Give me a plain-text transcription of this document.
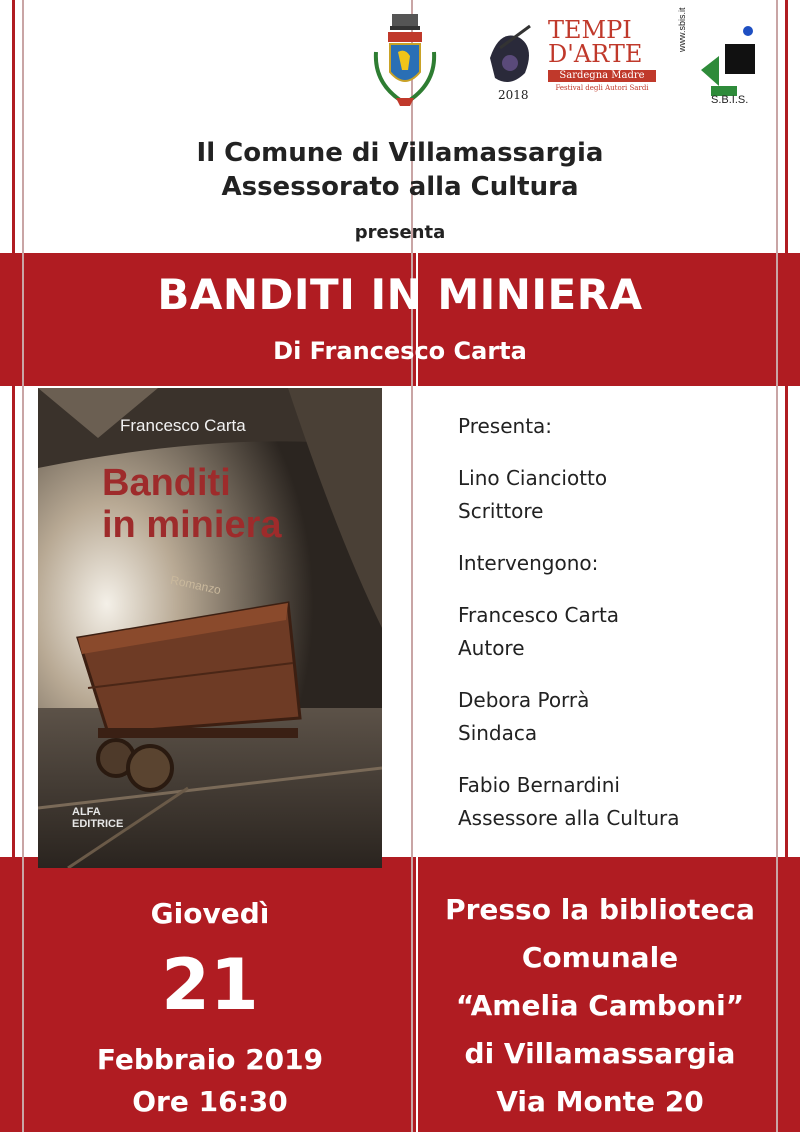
TEMPI
D'ARTE
2018
Sardegna Madre
Festival degli Autori Sardi
www.sbis.it
S.B.I.S.
Il Comune di Villamassargia
Assessorato alla Cultura
presenta
BANDITI IN MINIERA
Di Francesco Carta
Francesco Carta
Banditi
in miniera
Romanzo
ALFA
EDITRICE
Presenta:
Lino Cianciotto
Scrittore
Intervengono:
Francesco Carta
Autore
Debora Porrà
Sindaca
Fabio Bernardini
Assessore alla Cultura
Giovedì
21
Febbraio 2019
Ore 16:30
Presso la biblioteca
Comunale
“Amelia Camboni”
di Villamassargia
Via Monte 20
